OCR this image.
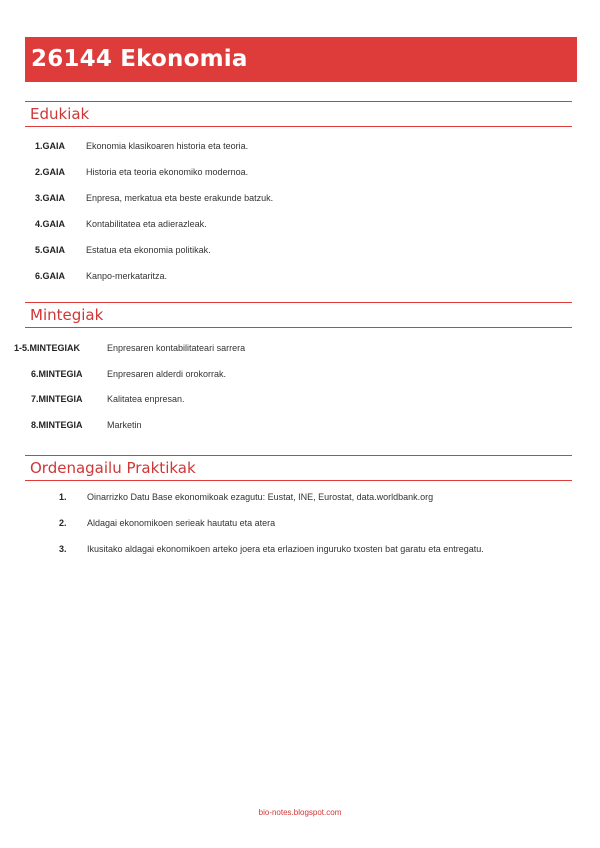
26144 Ekonomia
Edukiak
1.GAIA Ekonomia klasikoaren historia eta teoria.
2.GAIA Historia eta teoria ekonomiko modernoa.
3.GAIA Enpresa, merkatua eta beste erakunde batzuk.
4.GAIA Kontabilitatea eta adierazleak.
5.GAIA Estatua eta ekonomia politikak.
6.GAIA Kanpo-merkataritza.
Mintegiak
1-5.MINTEGIAK	Enpresaren kontabilitateari sarrera
6.MINTEGIA	Enpresaren alderdi orokorrak.
7.MINTEGIA	Kalitatea enpresan.
8.MINTEGIA	Marketin
Ordenagailu Praktikak
1. Oinarrizko Datu Base ekonomikoak ezagutu: Eustat, INE, Eurostat, data.worldbank.org
2. Aldagai ekonomikoen serieak hautatu eta atera
3. Ikusitako aldagai ekonomikoen arteko joera eta erlazioen inguruko txosten bat garatu eta entregatu.
bio-notes.blogspot.com
